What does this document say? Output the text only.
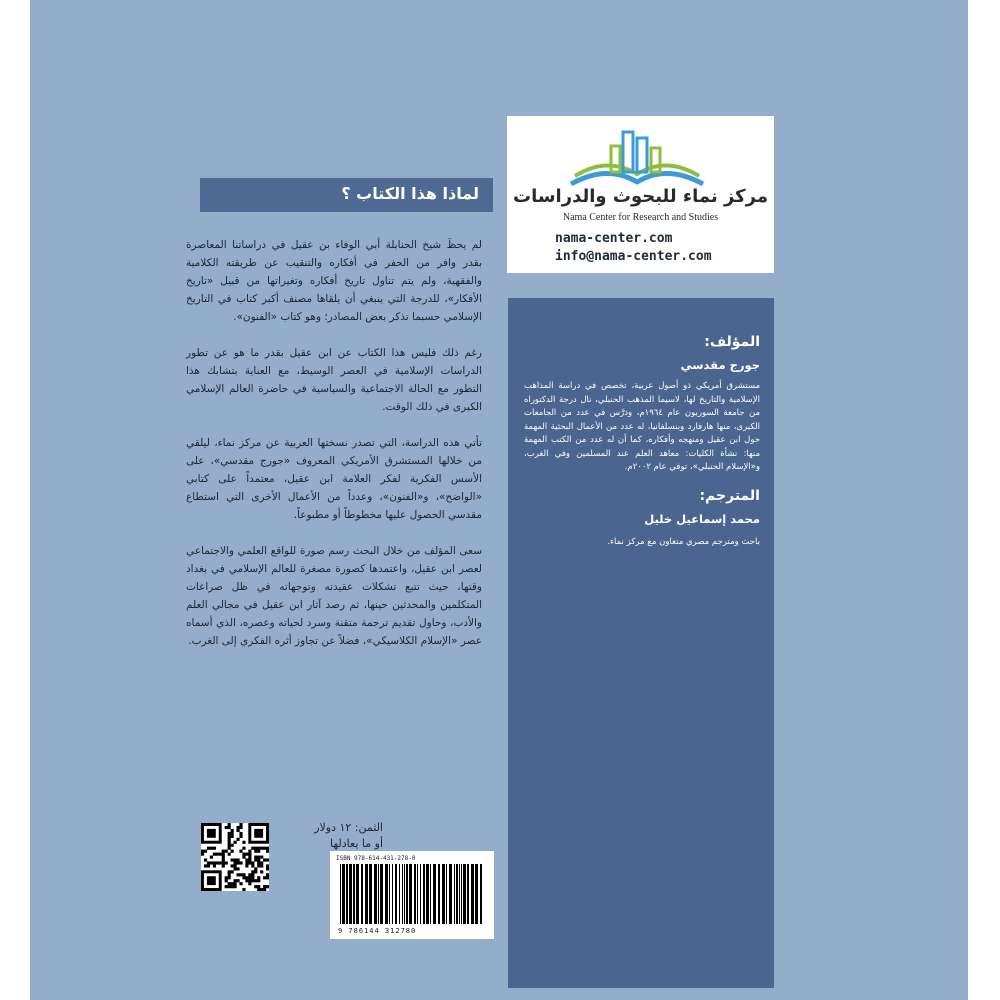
مركز نماء للبحوث والدراسات
Nama Center for Research and Studies
nama-center.com
info@nama-center.com
لماذا هذا الكتاب ؟

لم يحظَ شيخ الحنابلة أبي الوفاء بن عقيل في دراساتنا المعاصرة بقدر وافر من الحفر في أفكاره والتنقيب عن طريقته الكلامية والفقهية، ولم يتم تناول تاريخ أفكاره وتغيراتها من قبيل «تاريخ الأفكار»، للدرجة التي ينبغي أن يلقاها مصنف أكبر كتاب في التاريخ الإسلامي حسبما تذكر بعض المصادر؛ وهو كتاب «الفنون».

رغم ذلك فليس هذا الكتاب عن ابن عقيل بقدر ما هو عن تطور الدراسات الإسلامية في العصر الوسيط، مع العناية بتشابك هذا التطور مع الحالة الاجتماعية والسياسية في حاضرة العالم الإسلامي الكبرى في ذلك الوقت.

تأتي هذه الدراسة، التي تصدر نسختها العربية عن مركز نماء، ليلقي من خلالها المستشرق الأمريكي المعروف «جورج مقدسي»، على الأسس الفكرية لفكر العلامة ابن عقيل، معتمداً على كتابي «الواضح»، و«الفنون»، وعدداً من الأعمال الأخرى التي استطاع مقدسي الحصول عليها مخطوطاً أو مطبوعاً.

سعى المؤلف من خلال البحث رسم صورة للواقع العلمي والاجتماعي لعصر ابن عقيل، واعتمدها كصورة مصغرة للعالم الإسلامي في بغداد وقتها، حيث تتبع تشكلات عقيدته وتوجهاته في ظل صراعات المتكلمين والمحدثين حينها، ثم رصد آثار ابن عقيل في مجالي العلم والأدب، وحاول تقديم ترجمة متقنة وسرد لحياته وعصره، الذي أسماه عصر «الإسلام الكلاسيكي»، فضلاً عن تجاوز أثره الفكري إلى الغرب.

المؤلف:
جورج مقدسي
مستشرق أمريكي ذو أصول عربية، تخصص في دراسة المذاهب الإسلامية والتاريخ لها، لاسيما المذهب الحنبلي، نال درجة الدكتوراه من جامعة السوربون عام ١٩٦٤م، ودرَّس في عدد من الجامعات الكبرى، منها هارفارد وبنسلفانيا، له عدد من الأعمال البحثية المهمة حول ابن عقيل ومنهجه وأفكاره، كما أن له عدد من الكتب المهمة منها: نشأة الكليات: معاهد العلم عند المسلمين وفي الغرب، و«الإسلام الحنبلي»، توفي عام ٢٠٠٢م.
المترجم:
محمد إسماعيل خليل
باحث ومترجم مصري متعاون مع مركز نماء.
الثمن: ١٢ دولار
أو ما يعادلها
ISBN 978-614-431-278-0
9 786144 312780
